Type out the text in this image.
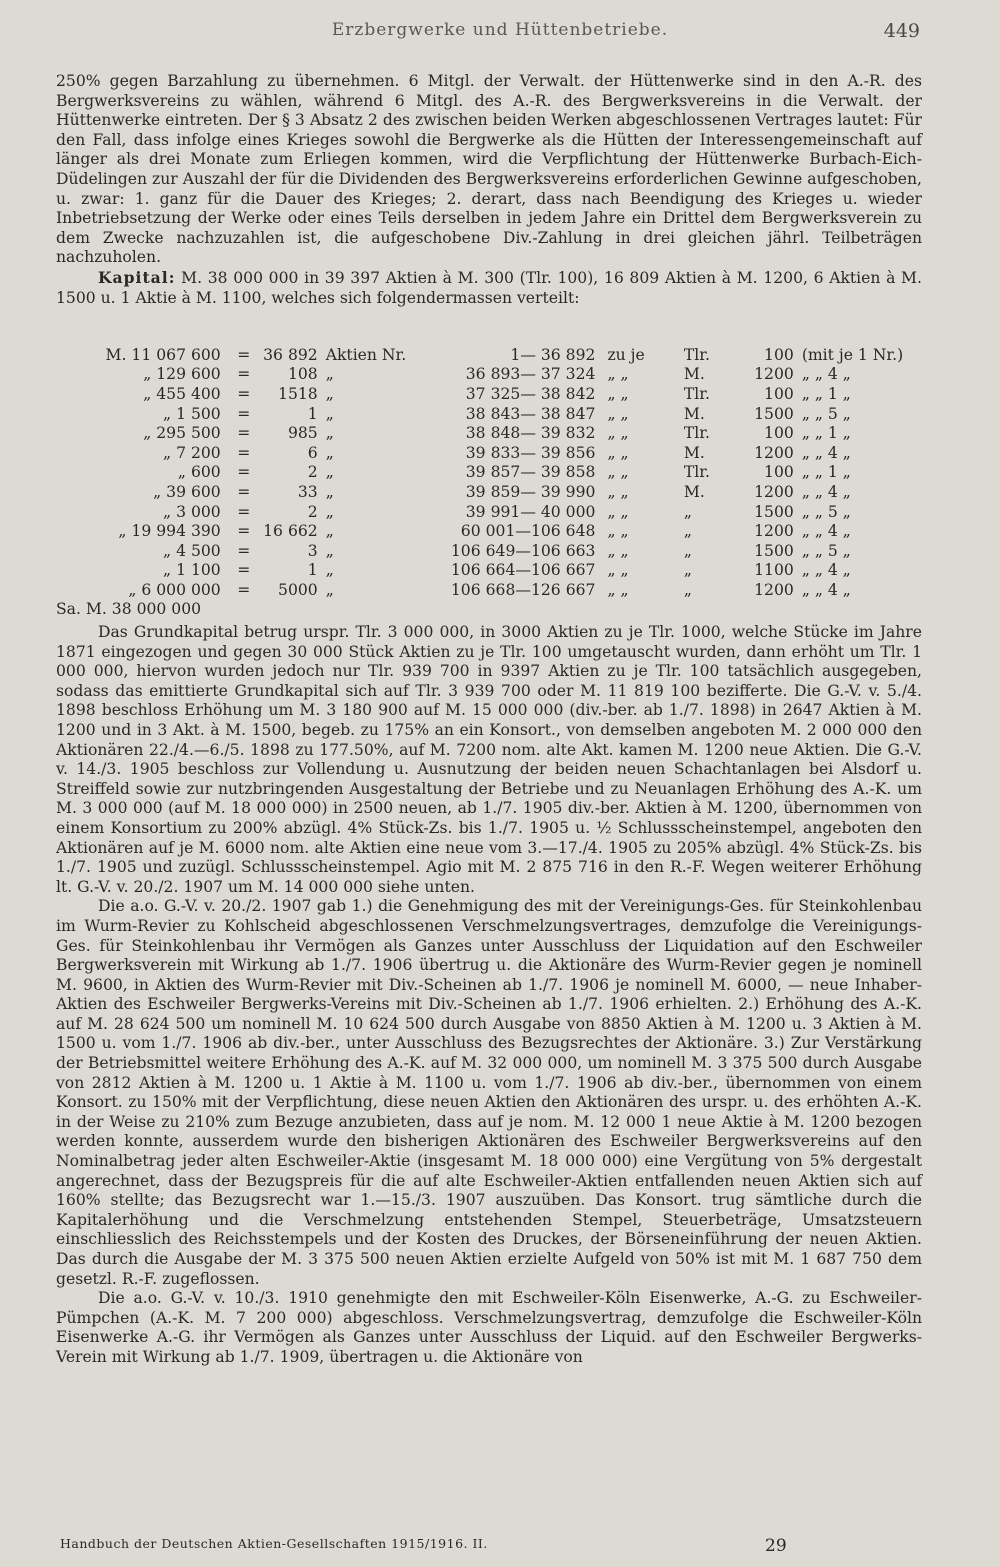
Erzbergwerke und Hüttenbetriebe.	449

250% gegen Barzahlung zu übernehmen. 6 Mitgl. der Verwalt. der Hüttenwerke sind in den A.-R. des Bergwerksvereins zu wählen, während 6 Mitgl. des A.-R. des Bergwerksvereins in die Verwalt. der Hüttenwerke eintreten. Der § 3 Absatz 2 des zwischen beiden Werken abgeschlossenen Vertrages lautet: Für den Fall, dass infolge eines Krieges sowohl die Bergwerke als die Hütten der Interessengemeinschaft auf länger als drei Monate zum Erliegen kommen, wird die Verpflichtung der Hüttenwerke Burbach-Eich-Düdelingen zur Auszahl der für die Dividenden des Bergwerksvereins erforderlichen Gewinne aufgeschoben, u. zwar: 1. ganz für die Dauer des Krieges; 2. derart, dass nach Beendigung des Krieges u. wieder Inbetriebsetzung der Werke oder eines Teils derselben in jedem Jahre ein Drittel dem Bergwerksverein zu dem Zwecke nachzuzahlen ist, die aufgeschobene Div.-Zahlung in drei gleichen jährl. Teilbeträgen nachzuholen.

Kapital: M. 38 000 000 in 39 397 Aktien à M. 300 (Tlr. 100), 16 809 Aktien à M. 1200, 6 Aktien à M. 1500 u. 1 Aktie à M. 1100, welches sich folgendermassen verteilt:

M. 11 067 600	=	36 892	Aktien Nr.	1— 36 892	zu je	Tlr.	100	(mit je 1 Nr.)
„ 129 600	=	108	„	36 893— 37 324	„ „	M.	1200	„ „ 4 „
„ 455 400	=	1518	„	37 325— 38 842	„ „	Tlr.	100	„ „ 1 „
„ 1 500	=	1	„	38 843— 38 847	„ „	M.	1500	„ „ 5 „
„ 295 500	=	985	„	38 848— 39 832	„ „	Tlr.	100	„ „ 1 „
„ 7 200	=	6	„	39 833— 39 856	„ „	M.	1200	„ „ 4 „
„ 600	=	2	„	39 857— 39 858	„ „	Tlr.	100	„ „ 1 „
„ 39 600	=	33	„	39 859— 39 990	„ „	M.	1200	„ „ 4 „
„ 3 000	=	2	„	39 991— 40 000	„ „	„	1500	„ „ 5 „
„ 19 994 390	=	16 662	„	60 001—106 648	„ „	„	1200	„ „ 4 „
„ 4 500	=	3	„	106 649—106 663	„ „	„	1500	„ „ 5 „
„ 1 100	=	1	„	106 664—106 667	„ „	„	1100	„ „ 4 „
„ 6 000 000	=	5000	„	106 668—126 667	„ „	„	1200	„ „ 4 „
Sa. M. 38 000 000

Das Grundkapital betrug urspr. Tlr. 3 000 000, in 3000 Aktien zu je Tlr. 1000, welche Stücke im Jahre 1871 eingezogen und gegen 30 000 Stück Aktien zu je Tlr. 100 umgetauscht wurden, dann erhöht um Tlr. 1 000 000, hiervon wurden jedoch nur Tlr. 939 700 in 9397 Aktien zu je Tlr. 100 tatsächlich ausgegeben, sodass das emittierte Grundkapital sich auf Tlr. 3 939 700 oder M. 11 819 100 bezifferte. Die G.-V. v. 5./4. 1898 beschloss Erhöhung um M. 3 180 900 auf M. 15 000 000 (div.-ber. ab 1./7. 1898) in 2647 Aktien à M. 1200 und in 3 Akt. à M. 1500, begeb. zu 175% an ein Konsort., von demselben angeboten M. 2 000 000 den Aktionären 22./4.—6./5. 1898 zu 177.50%, auf M. 7200 nom. alte Akt. kamen M. 1200 neue Aktien. Die G.-V. v. 14./3. 1905 beschloss zur Vollendung u. Ausnutzung der beiden neuen Schachtanlagen bei Alsdorf u. Streiffeld sowie zur nutzbringenden Ausgestaltung der Betriebe und zu Neuanlagen Erhöhung des A.-K. um M. 3 000 000 (auf M. 18 000 000) in 2500 neuen, ab 1./7. 1905 div.-ber. Aktien à M. 1200, übernommen von einem Konsortium zu 200% abzügl. 4% Stück-Zs. bis 1./7. 1905 u. ½ Schlussscheinstempel, angeboten den Aktionären auf je M. 6000 nom. alte Aktien eine neue vom 3.—17./4. 1905 zu 205% abzügl. 4% Stück-Zs. bis 1./7. 1905 und zuzügl. Schlussscheinstempel. Agio mit M. 2 875 716 in den R.-F. Wegen weiterer Erhöhung lt. G.-V. v. 20./2. 1907 um M. 14 000 000 siehe unten.

Die a.o. G.-V. v. 20./2. 1907 gab 1.) die Genehmigung des mit der Vereinigungs-Ges. für Steinkohlenbau im Wurm-Revier zu Kohlscheid abgeschlossenen Verschmelzungsvertrages, demzufolge die Vereinigungs-Ges. für Steinkohlenbau ihr Vermögen als Ganzes unter Ausschluss der Liquidation auf den Eschweiler Bergwerksverein mit Wirkung ab 1./7. 1906 übertrug u. die Aktionäre des Wurm-Revier gegen je nominell M. 9600, in Aktien des Wurm-Revier mit Div.-Scheinen ab 1./7. 1906 je nominell M. 6000, — neue Inhaber-Aktien des Eschweiler Bergwerks-Vereins mit Div.-Scheinen ab 1./7. 1906 erhielten. 2.) Erhöhung des A.-K. auf M. 28 624 500 um nominell M. 10 624 500 durch Ausgabe von 8850 Aktien à M. 1200 u. 3 Aktien à M. 1500 u. vom 1./7. 1906 ab div.-ber., unter Ausschluss des Bezugsrechtes der Aktionäre. 3.) Zur Verstärkung der Betriebsmittel weitere Erhöhung des A.-K. auf M. 32 000 000, um nominell M. 3 375 500 durch Ausgabe von 2812 Aktien à M. 1200 u. 1 Aktie à M. 1100 u. vom 1./7. 1906 ab div.-ber., übernommen von einem Konsort. zu 150% mit der Verpflichtung, diese neuen Aktien den Aktionären des urspr. u. des erhöhten A.-K. in der Weise zu 210% zum Bezuge anzubieten, dass auf je nom. M. 12 000 1 neue Aktie à M. 1200 bezogen werden konnte, ausserdem wurde den bisherigen Aktionären des Eschweiler Bergwerksvereins auf den Nominalbetrag jeder alten Eschweiler-Aktie (insgesamt M. 18 000 000) eine Vergütung von 5% dergestalt angerechnet, dass der Bezugspreis für die auf alte Eschweiler-Aktien entfallenden neuen Aktien sich auf 160% stellte; das Bezugsrecht war 1.—15./3. 1907 auszuüben. Das Konsort. trug sämtliche durch die Kapitalerhöhung und die Verschmelzung entstehenden Stempel, Steuerbeträge, Umsatzsteuern einschliesslich des Reichsstempels und der Kosten des Druckes, der Börseneinführung der neuen Aktien. Das durch die Ausgabe der M. 3 375 500 neuen Aktien erzielte Aufgeld von 50% ist mit M. 1 687 750 dem gesetzl. R.-F. zugeflossen.

Die a.o. G.-V. v. 10./3. 1910 genehmigte den mit Eschweiler-Köln Eisenwerke, A.-G. zu Eschweiler-Pümpchen (A.-K. M. 7 200 000) abgeschloss. Verschmelzungsvertrag, demzufolge die Eschweiler-Köln Eisenwerke A.-G. ihr Vermögen als Ganzes unter Ausschluss der Liquid. auf den Eschweiler Bergwerks-Verein mit Wirkung ab 1./7. 1909, übertragen u. die Aktionäre von

Handbuch der Deutschen Aktien-Gesellschaften 1915/1916. II.	29
